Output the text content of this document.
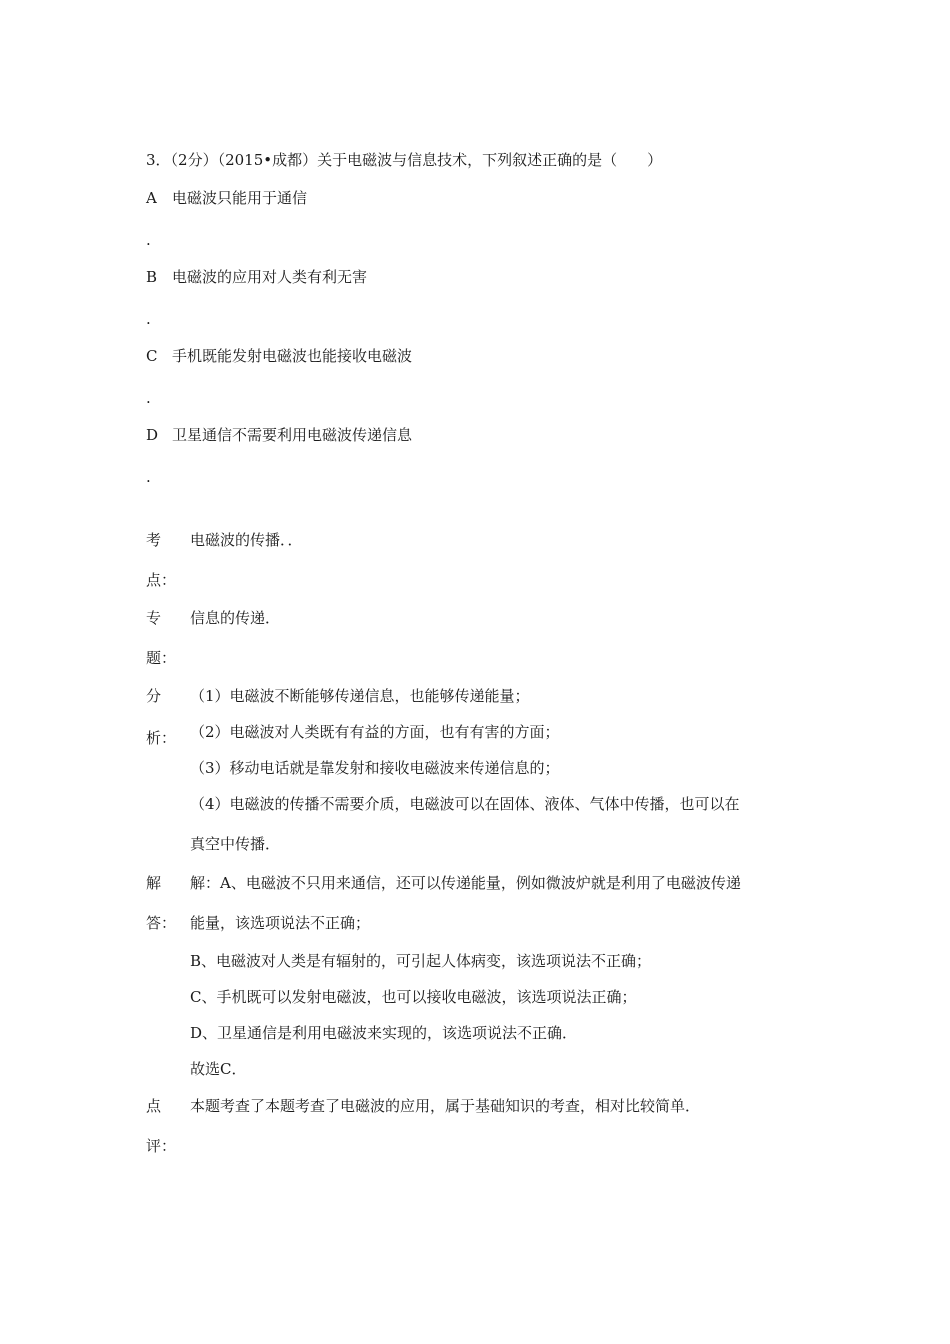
3．（2分）（2015•成都）关于电磁波与信息技术，下列叙述正确的是（　　）
A 电磁波只能用于通信
.
B 电磁波的应用对人类有利无害
.
C 手机既能发射电磁波也能接收电磁波
.
D 卫星通信不需要利用电磁波传递信息
.
考
点：
电磁波的传播．．
专
题：
信息的传递．
分
析：
（1）电磁波不断能够传递信息，也能够传递能量；
（2）电磁波对人类既有有益的方面，也有有害的方面；
（3）移动电话就是靠发射和接收电磁波来传递信息的；
（4）电磁波的传播不需要介质，电磁波可以在固体、液体、气体中传播，也可以在
真空中传播．
解
答：
解：A、电磁波不只用来通信，还可以传递能量，例如微波炉就是利用了电磁波传递
能量，该选项说法不正确；
B、电磁波对人类是有辐射的，可引起人体病变，该选项说法不正确；
C、手机既可以发射电磁波，也可以接收电磁波，该选项说法正确；
D、卫星通信是利用电磁波来实现的，该选项说法不正确．
故选C．
点
评：
本题考查了本题考查了电磁波的应用，属于基础知识的考查，相对比较简单．
